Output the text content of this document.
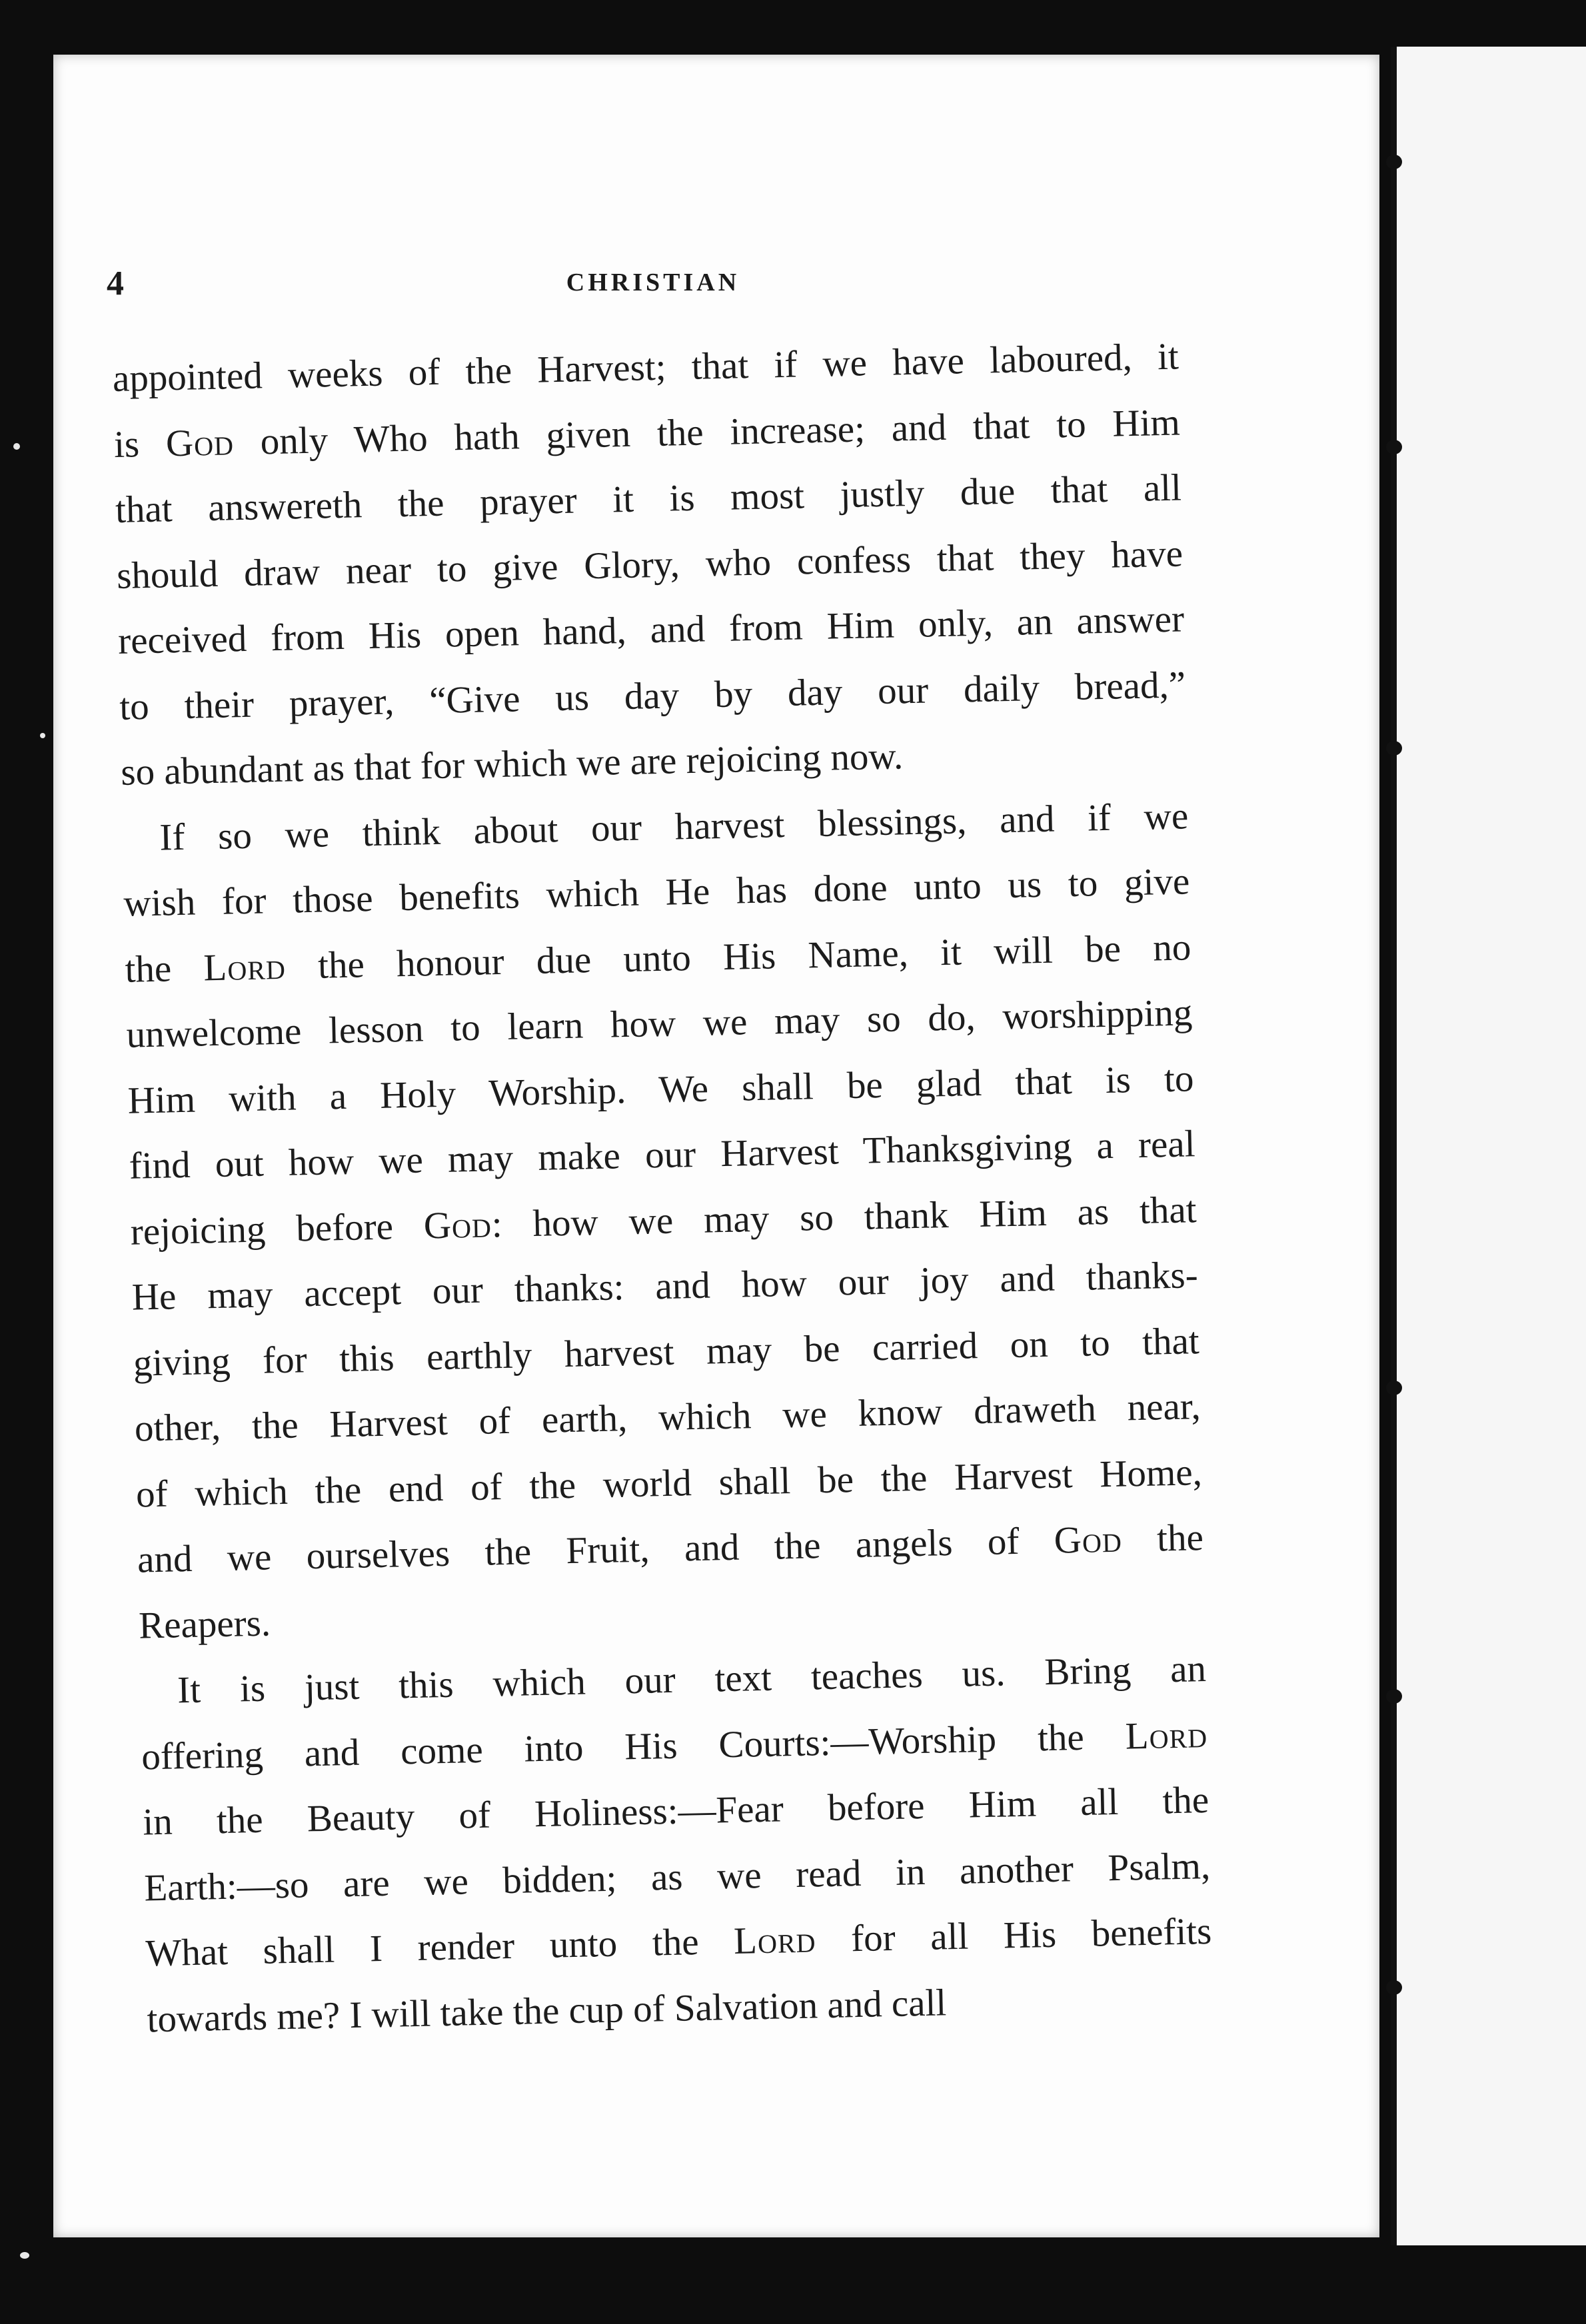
4	CHRISTIAN
appointed weeks of the Harvest; that if we have laboured, it
is God only Who hath given the increase; and that to Him
that answereth the prayer it is most justly due that all
should draw near to give Glory, who confess that they have
received from His open hand, and from Him only, an answer
to their prayer, “Give us day by day our daily bread,”
so abundant as that for which we are rejoicing now.
If so we think about our harvest blessings, and if we
wish for those benefits which He has done unto us to give
the Lord the honour due unto His Name, it will be no
unwelcome lesson to learn how we may so do, worshipping
Him with a Holy Worship. We shall be glad that is to
find out how we may make our Harvest Thanksgiving a real
rejoicing before God: how we may so thank Him as that
He may accept our thanks: and how our joy and thanks-
giving for this earthly harvest may be carried on to that
other, the Harvest of earth, which we know draweth near,
of which the end of the world shall be the Harvest Home,
and we ourselves the Fruit, and the angels of God the
Reapers.
It is just this which our text teaches us. Bring an
offering and come into His Courts:—Worship the Lord
in the Beauty of Holiness:—Fear before Him all the
Earth:—so are we bidden; as we read in another Psalm,
What shall I render unto the Lord for all His benefits
towards me? I will take the cup of Salvation and call
